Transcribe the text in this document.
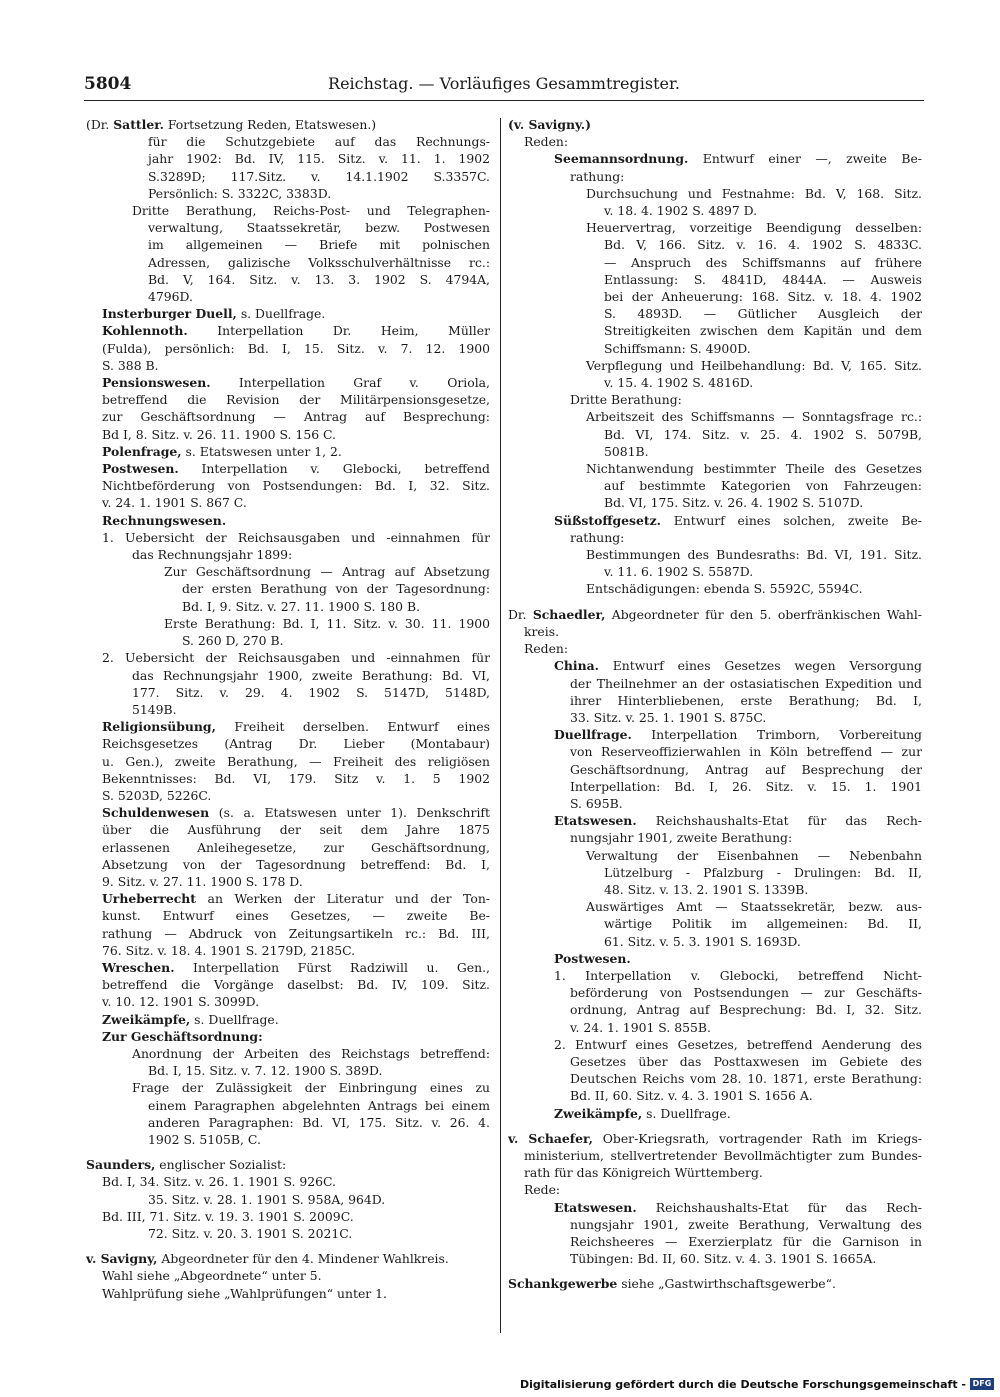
5804	Reichstag. — Vorläufiges Gesammtregister.
(Dr. Sattler. Fortsetzung Reden, Etatswesen.)
für die Schutzgebiete auf das Rechnungs-
jahr 1902: Bd. IV, 115. Sitz. v. 11. 1. 1902
S.3289D; 117.Sitz. v. 14.1.1902 S.3357C.
Persönlich: S. 3322C, 3383D.
Dritte Berathung, Reichs-Post- und Telegraphen-
verwaltung, Staatssekretär, bezw. Postwesen
im allgemeinen — Briefe mit polnischen
Adressen, galizische Volksschulverhältnisse rc.:
Bd. V, 164. Sitz. v. 13. 3. 1902 S. 4794A,
4796D.
Insterburger Duell, s. Duellfrage.
Kohlennoth. Interpellation Dr. Heim, Müller
(Fulda), persönlich: Bd. I, 15. Sitz. v. 7. 12. 1900
S. 388 B.
Pensionswesen. Interpellation Graf v. Oriola,
betreffend die Revision der Militärpensionsgesetze,
zur Geschäftsordnung — Antrag auf Besprechung:
Bd I, 8. Sitz. v. 26. 11. 1900 S. 156 C.
Polenfrage, s. Etatswesen unter 1, 2.
Postwesen. Interpellation v. Glebocki, betreffend
Nichtbeförderung von Postsendungen: Bd. I, 32. Sitz.
v. 24. 1. 1901 S. 867 C.
Rechnungswesen.
1. Uebersicht der Reichsausgaben und -einnahmen für
das Rechnungsjahr 1899:
Zur Geschäftsordnung — Antrag auf Absetzung
der ersten Berathung von der Tagesordnung:
Bd. I, 9. Sitz. v. 27. 11. 1900 S. 180 B.
Erste Berathung: Bd. I, 11. Sitz. v. 30. 11. 1900
S. 260 D, 270 B.
2. Uebersicht der Reichsausgaben und -einnahmen für
das Rechnungsjahr 1900, zweite Berathung: Bd. VI,
177. Sitz. v. 29. 4. 1902 S. 5147D, 5148D,
5149B.
Religionsübung, Freiheit derselben. Entwurf eines
Reichsgesetzes (Antrag Dr. Lieber (Montabaur)
u. Gen.), zweite Berathung, — Freiheit des religiösen
Bekenntnisses: Bd. VI, 179. Sitz v. 1. 5 1902
S. 5203D, 5226C.
Schuldenwesen (s. a. Etatswesen unter 1). Denkschrift
über die Ausführung der seit dem Jahre 1875
erlassenen Anleihegesetze, zur Geschäftsordnung,
Absetzung von der Tagesordnung betreffend: Bd. I,
9. Sitz. v. 27. 11. 1900 S. 178 D.
Urheberrecht an Werken der Literatur und der Ton-
kunst. Entwurf eines Gesetzes, — zweite Be-
rathung — Abdruck von Zeitungsartikeln rc.: Bd. III,
76. Sitz. v. 18. 4. 1901 S. 2179D, 2185C.
Wreschen. Interpellation Fürst Radziwill u. Gen.,
betreffend die Vorgänge daselbst: Bd. IV, 109. Sitz.
v. 10. 12. 1901 S. 3099D.
Zweikämpfe, s. Duellfrage.
Zur Geschäftsordnung:
Anordnung der Arbeiten des Reichstags betreffend:
Bd. I, 15. Sitz. v. 7. 12. 1900 S. 389D.
Frage der Zulässigkeit der Einbringung eines zu
einem Paragraphen abgelehnten Antrags bei einem
anderen Paragraphen: Bd. VI, 175. Sitz. v. 26. 4.
1902 S. 5105B, C.
Saunders, englischer Sozialist:
Bd. I, 34. Sitz. v. 26. 1. 1901 S. 926C.
35. Sitz. v. 28. 1. 1901 S. 958A, 964D.
Bd. III, 71. Sitz. v. 19. 3. 1901 S. 2009C.
72. Sitz. v. 20. 3. 1901 S. 2021C.
v. Savigny, Abgeordneter für den 4. Mindener Wahlkreis.
Wahl siehe „Abgeordnete“ unter 5.
Wahlprüfung siehe „Wahlprüfungen“ unter 1.
(v. Savigny.)
Reden:
Seemannsordnung. Entwurf einer —, zweite Be-
rathung:
Durchsuchung und Festnahme: Bd. V, 168. Sitz.
v. 18. 4. 1902 S. 4897 D.
Heuervertrag, vorzeitige Beendigung desselben:
Bd. V, 166. Sitz. v. 16. 4. 1902 S. 4833C.
— Anspruch des Schiffsmanns auf frühere
Entlassung: S. 4841D, 4844A. — Ausweis
bei der Anheuerung: 168. Sitz. v. 18. 4. 1902
S. 4893D. — Gütlicher Ausgleich der
Streitigkeiten zwischen dem Kapitän und dem
Schiffsmann: S. 4900D.
Verpflegung und Heilbehandlung: Bd. V, 165. Sitz.
v. 15. 4. 1902 S. 4816D.
Dritte Berathung:
Arbeitszeit des Schiffsmanns — Sonntagsfrage rc.:
Bd. VI, 174. Sitz. v. 25. 4. 1902 S. 5079B,
5081B.
Nichtanwendung bestimmter Theile des Gesetzes
auf bestimmte Kategorien von Fahrzeugen:
Bd. VI, 175. Sitz. v. 26. 4. 1902 S. 5107D.
Süßstoffgesetz. Entwurf eines solchen, zweite Be-
rathung:
Bestimmungen des Bundesraths: Bd. VI, 191. Sitz.
v. 11. 6. 1902 S. 5587D.
Entschädigungen: ebenda S. 5592C, 5594C.
Dr. Schaedler, Abgeordneter für den 5. oberfränkischen Wahl-
kreis.
Reden:
China. Entwurf eines Gesetzes wegen Versorgung
der Theilnehmer an der ostasiatischen Expedition und
ihrer Hinterbliebenen, erste Berathung; Bd. I,
33. Sitz. v. 25. 1. 1901 S. 875C.
Duellfrage. Interpellation Trimborn, Vorbereitung
von Reserveoffizierwahlen in Köln betreffend — zur
Geschäftsordnung, Antrag auf Besprechung der
Interpellation: Bd. I, 26. Sitz. v. 15. 1. 1901
S. 695B.
Etatswesen. Reichshaushalts-Etat für das Rech-
nungsjahr 1901, zweite Berathung:
Verwaltung der Eisenbahnen — Nebenbahn
Lützelburg - Pfalzburg - Drulingen: Bd. II,
48. Sitz. v. 13. 2. 1901 S. 1339B.
Auswärtiges Amt — Staatssekretär, bezw. aus-
wärtige Politik im allgemeinen: Bd. II,
61. Sitz. v. 5. 3. 1901 S. 1693D.
Postwesen.
1. Interpellation v. Glebocki, betreffend Nicht-
beförderung von Postsendungen — zur Geschäfts-
ordnung, Antrag auf Besprechung: Bd. I, 32. Sitz.
v. 24. 1. 1901 S. 855B.
2. Entwurf eines Gesetzes, betreffend Aenderung des
Gesetzes über das Posttaxwesen im Gebiete des
Deutschen Reichs vom 28. 10. 1871, erste Berathung:
Bd. II, 60. Sitz. v. 4. 3. 1901 S. 1656 A.
Zweikämpfe, s. Duellfrage.
v. Schaefer, Ober-Kriegsrath, vortragender Rath im Kriegs-
ministerium, stellvertretender Bevollmächtigter zum Bundes-
rath für das Königreich Württemberg.
Rede:
Etatswesen. Reichshaushalts-Etat für das Rech-
nungsjahr 1901, zweite Berathung, Verwaltung des
Reichsheeres — Exerzierplatz für die Garnison in
Tübingen: Bd. II, 60. Sitz. v. 4. 3. 1901 S. 1665A.
Schankgewerbe siehe „Gastwirthschaftsgewerbe“.
Digitalisierung gefördert durch die Deutsche Forschungsgemeinschaft - DFG
